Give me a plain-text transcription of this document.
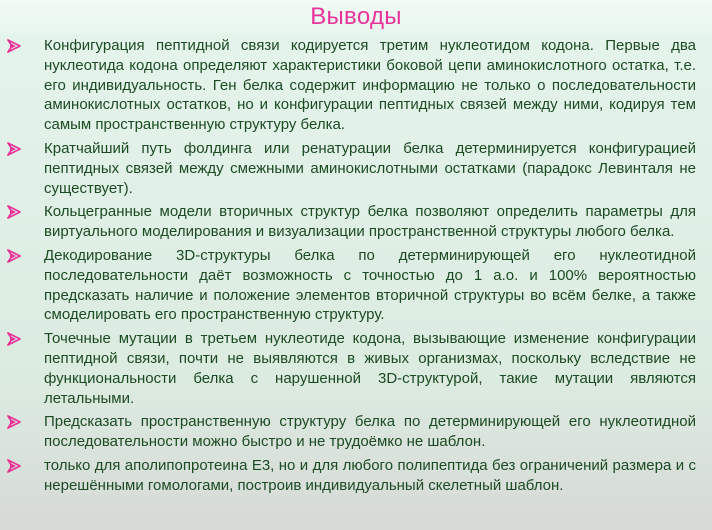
Выводы
Конфигурация пептидной связи кодируется третим нуклеотидом кодона. Первые два нуклеотида кодона определяют характеристики боковой цепи аминокислотного остатка, т.е. его индивидуальность. Ген белка содержит информацию не только о последовательности аминокислотных остатков, но и конфигурации пептидных связей между ними, кодируя тем самым пространственную структуру белка.
Кратчайший путь фолдинга или ренатурации белка детерминируется конфигурацией пептидных связей между смежными аминокислотными остатками (парадокс Левинталя не существует).
Кольцегранные модели вторичных структур белка позволяют определить параметры для виртуального моделирования и визуализации пространственной структуры любого белка.
Декодирование 3D-структуры белка по детерминирующей его нуклеотидной последовательности даёт возможность с точностью до 1 а.о. и 100% вероятностью предсказать наличие и положение элементов вторичной структуры во всём белке, а также смоделировать его пространственную структуру.
Точечные мутации в третьем нуклеотиде кодона, вызывающие изменение конфигурации пептидной связи, почти не выявляются в живых организмах, поскольку вследствие не функциональности белка с нарушенной 3D-структурой, такие мутации являются летальными.
Предсказать пространственную структуру белка по детерминирующей его нуклеотидной последовательности можно быстро и не трудоёмко не шаблон.
только для аполипопротеина Е3, но и для любого полипептида без ограничений размера и с нерешёнными гомологами, построив индивидуальный скелетный шаблон.
